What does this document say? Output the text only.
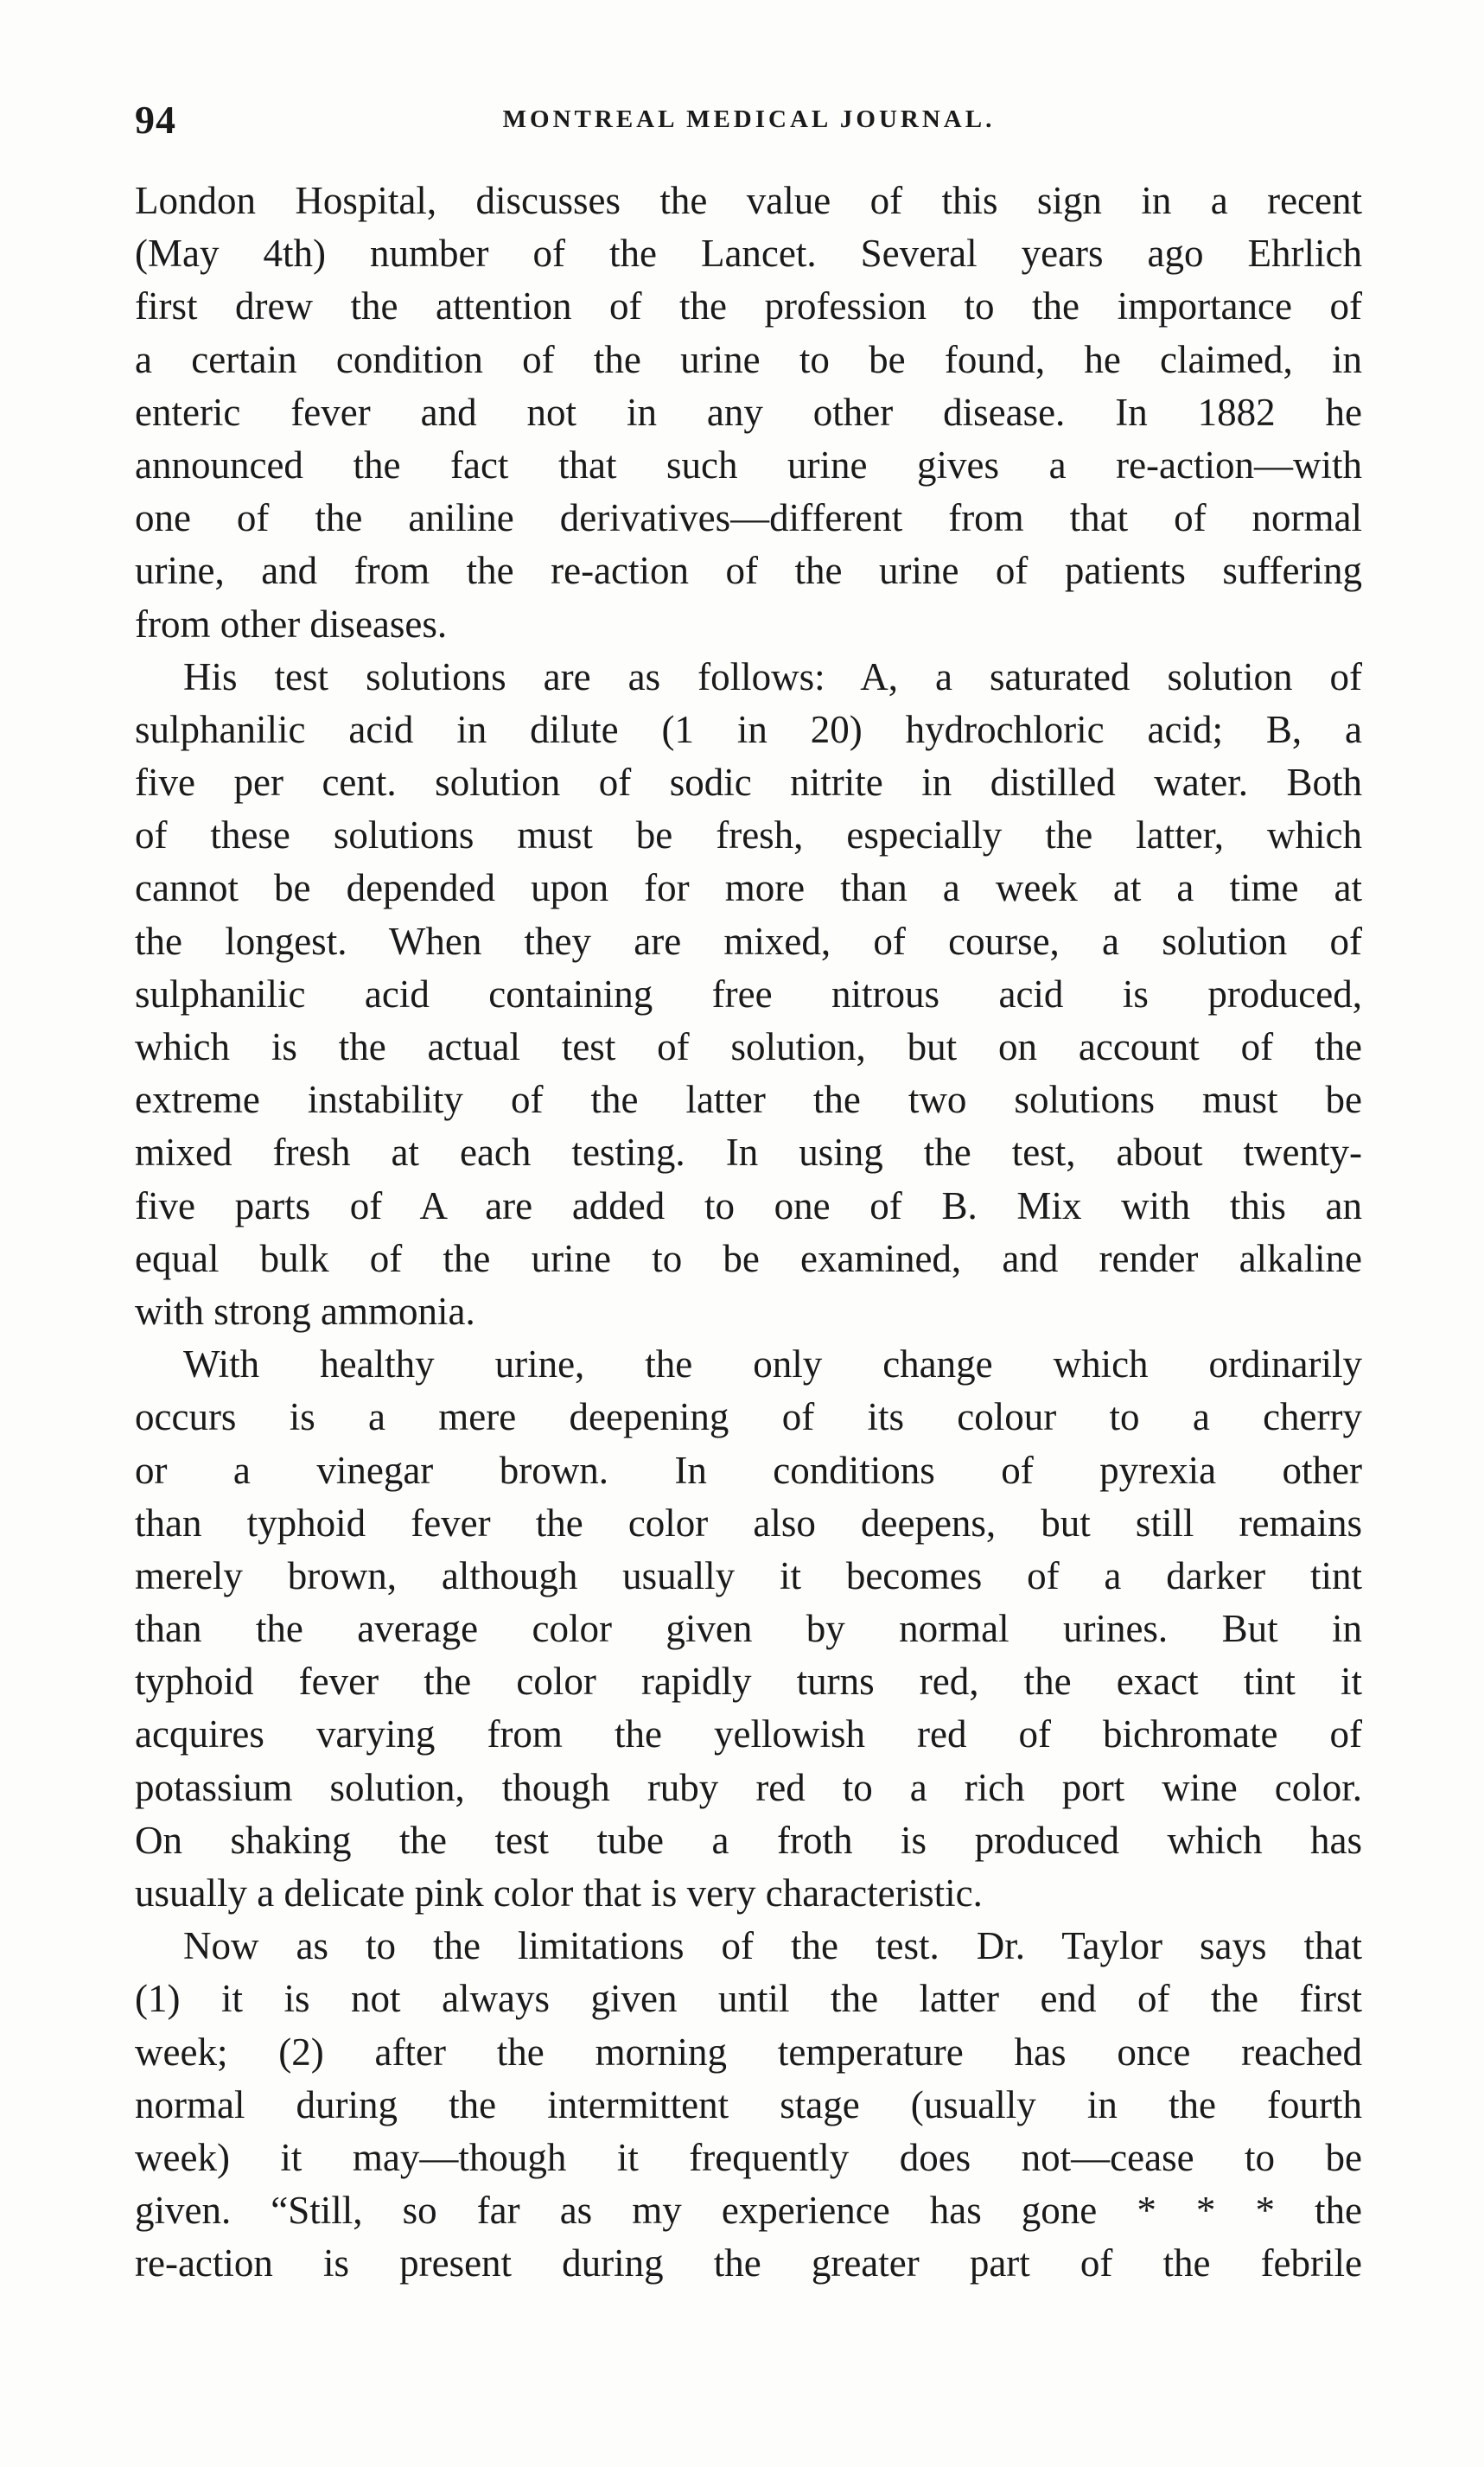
94	MONTREAL MEDICAL JOURNAL.
London Hospital, discusses the value of this sign in a recent
(May 4th) number of the Lancet. Several years ago Ehrlich
first drew the attention of the profession to the importance of
a certain condition of the urine to be found, he claimed, in
enteric fever and not in any other disease. In 1882 he
announced the fact that such urine gives a re-action—with
one of the aniline derivatives—different from that of normal
urine, and from the re-action of the urine of patients suffering
from other diseases.
His test solutions are as follows: A, a saturated solution of
sulphanilic acid in dilute (1 in 20) hydrochloric acid; B, a
five per cent. solution of sodic nitrite in distilled water. Both
of these solutions must be fresh, especially the latter, which
cannot be depended upon for more than a week at a time at
the longest. When they are mixed, of course, a solution of
sulphanilic acid containing free nitrous acid is produced,
which is the actual test of solution, but on account of the
extreme instability of the latter the two solutions must be
mixed fresh at each testing. In using the test, about twenty-
five parts of A are added to one of B. Mix with this an
equal bulk of the urine to be examined, and render alkaline
with strong ammonia.
With healthy urine, the only change which ordinarily
occurs is a mere deepening of its colour to a cherry
or a vinegar brown. In conditions of pyrexia other
than typhoid fever the color also deepens, but still remains
merely brown, although usually it becomes of a darker tint
than the average color given by normal urines. But in
typhoid fever the color rapidly turns red, the exact tint it
acquires varying from the yellowish red of bichromate of
potassium solution, though ruby red to a rich port wine color.
On shaking the test tube a froth is produced which has
usually a delicate pink color that is very characteristic.
Now as to the limitations of the test. Dr. Taylor says that
(1) it is not always given until the latter end of the first
week; (2) after the morning temperature has once reached
normal during the intermittent stage (usually in the fourth
week) it may—though it frequently does not—cease to be
given. “Still, so far as my experience has gone * * * the
re-action is present during the greater part of the febrile
